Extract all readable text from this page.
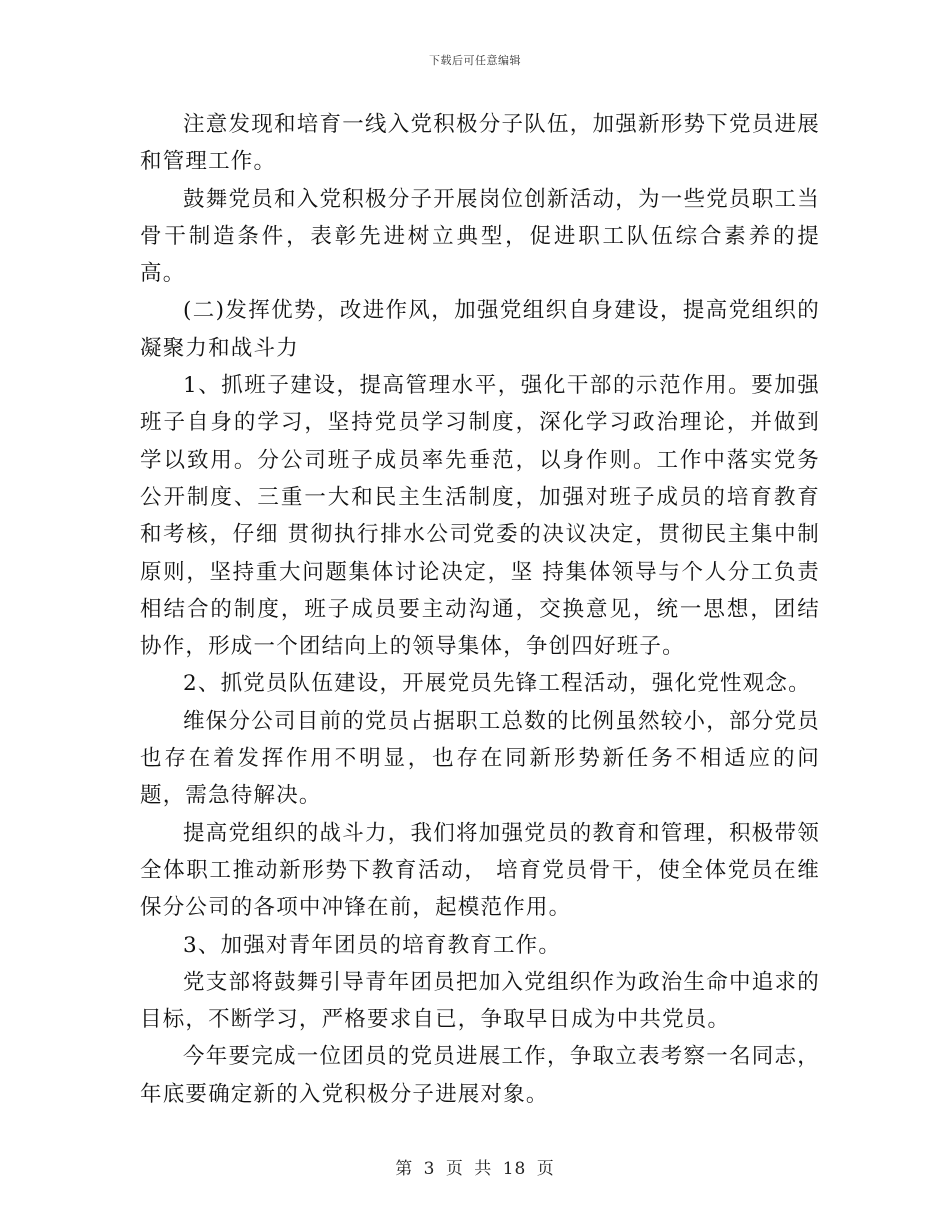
下载后可任意编辑

注意发现和培育一线入党积极分子队伍，加强新形势下党员进展和管理工作。

鼓舞党员和入党积极分子开展岗位创新活动，为一些党员职工当骨干制造条件，表彰先进树立典型，促进职工队伍综合素养的提高。

(二)发挥优势，改进作风，加强党组织自身建设，提高党组织的凝聚力和战斗力

1、抓班子建设，提高管理水平，强化干部的示范作用。要加强班子自身的学习，坚持党员学习制度，深化学习政治理论，并做到学以致用。分公司班子成员率先垂范，以身作则。工作中落实党务公开制度、三重一大和民主生活制度，加强对班子成员的培育教育和考核，仔细 贯彻执行排水公司党委的决议决定，贯彻民主集中制原则，坚持重大问题集体讨论决定，坚 持集体领导与个人分工负责相结合的制度，班子成员要主动沟通，交换意见，统一思想，团结协作，形成一个团结向上的领导集体，争创四好班子。

2、抓党员队伍建设，开展党员先锋工程活动，强化党性观念。

维保分公司目前的党员占据职工总数的比例虽然较小，部分党员也存在着发挥作用不明显，也存在同新形势新任务不相适应的问题，需急待解决。

提高党组织的战斗力，我们将加强党员的教育和管理，积极带领全体职工推动新形势下教育活动， 培育党员骨干，使全体党员在维保分公司的各项中冲锋在前，起模范作用。

3、加强对青年团员的培育教育工作。

党支部将鼓舞引导青年团员把加入党组织作为政治生命中追求的目标，不断学习，严格要求自已，争取早日成为中共党员。

今年要完成一位团员的党员进展工作，争取立表考察一名同志，年底要确定新的入党积极分子进展对象。

第 3 页 共 18 页
